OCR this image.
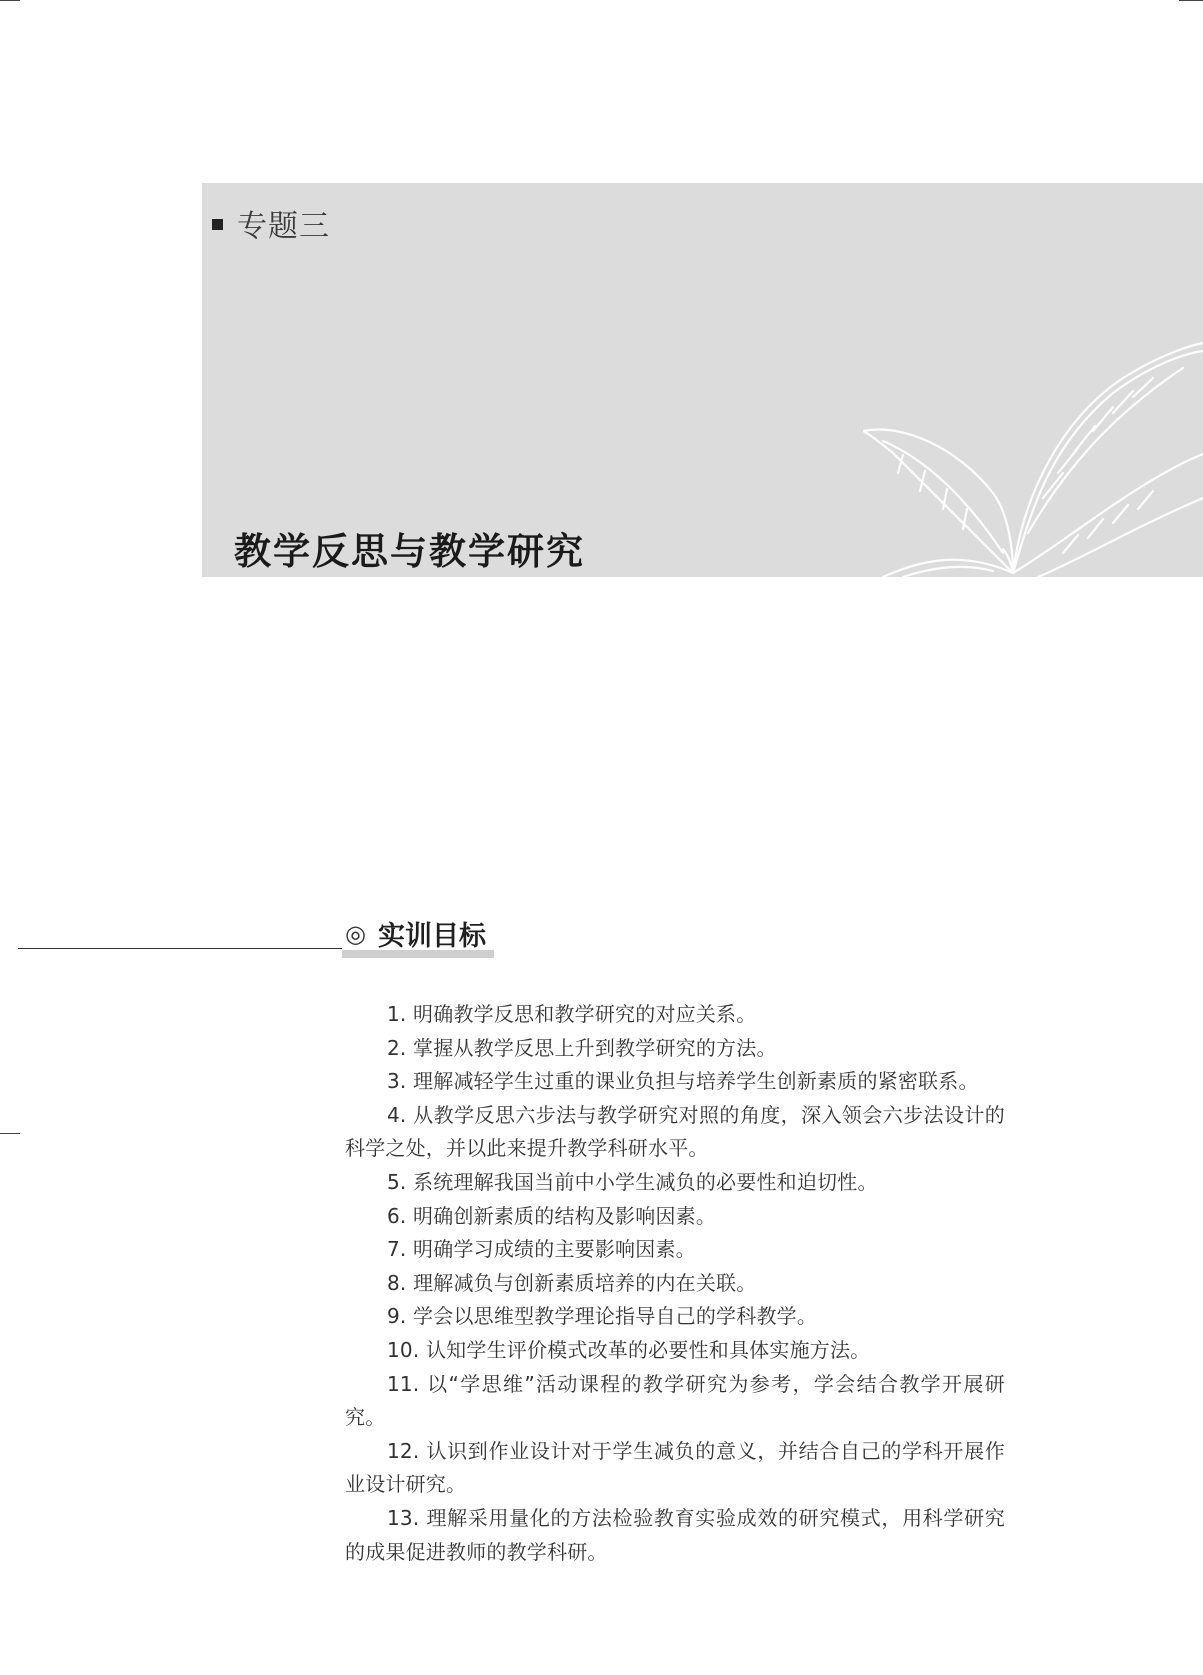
专题三
教学反思与教学研究
◎ 实训目标
1. 明确教学反思和教学研究的对应关系。
2. 掌握从教学反思上升到教学研究的方法。
3. 理解减轻学生过重的课业负担与培养学生创新素质的紧密联系。
4. 从教学反思六步法与教学研究对照的角度，深入领会六步法设计的科学之处，并以此来提升教学科研水平。
5. 系统理解我国当前中小学生减负的必要性和迫切性。
6. 明确创新素质的结构及影响因素。
7. 明确学习成绩的主要影响因素。
8. 理解减负与创新素质培养的内在关联。
9. 学会以思维型教学理论指导自己的学科教学。
10. 认知学生评价模式改革的必要性和具体实施方法。
11. 以“学思维”活动课程的教学研究为参考，学会结合教学开展研究。
12. 认识到作业设计对于学生减负的意义，并结合自己的学科开展作业设计研究。
13. 理解采用量化的方法检验教育实验成效的研究模式，用科学研究的成果促进教师的教学科研。
